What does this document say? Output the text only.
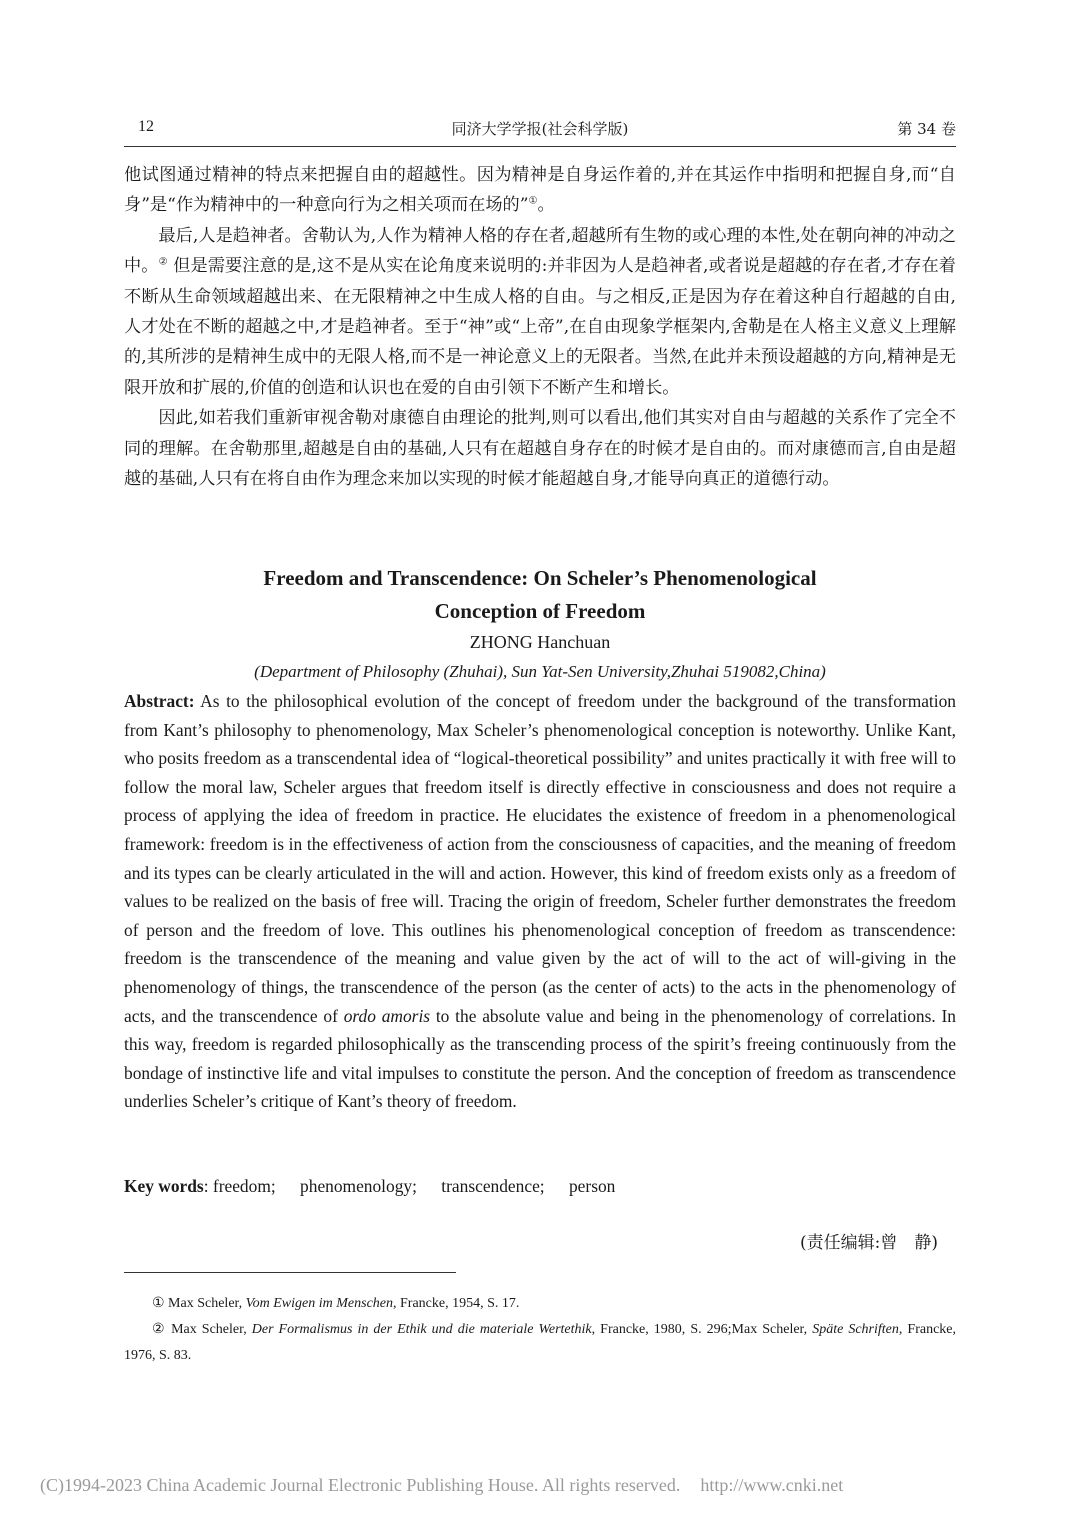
12	同济大学学报(社会科学版)	第 34 卷

他试图通过精神的特点来把握自由的超越性。因为精神是自身运作着的,并在其运作中指明和把握自身,而“自身”是“作为精神中的一种意向行为之相关项而在场的”①。

最后,人是趋神者。舍勒认为,人作为精神人格的存在者,超越所有生物的或心理的本性,处在朝向神的冲动之中。② 但是需要注意的是,这不是从实在论角度来说明的:并非因为人是趋神者,或者说是超越的存在者,才存在着不断从生命领域超越出来、在无限精神之中生成人格的自由。与之相反,正是因为存在着这种自行超越的自由,人才处在不断的超越之中,才是趋神者。至于“神”或“上帝”,在自由现象学框架内,舍勒是在人格主义意义上理解的,其所涉的是精神生成中的无限人格,而不是一神论意义上的无限者。当然,在此并未预设超越的方向,精神是无限开放和扩展的,价值的创造和认识也在爱的自由引领下不断产生和增长。

因此,如若我们重新审视舍勒对康德自由理论的批判,则可以看出,他们其实对自由与超越的关系作了完全不同的理解。在舍勒那里,超越是自由的基础,人只有在超越自身存在的时候才是自由的。而对康德而言,自由是超越的基础,人只有在将自由作为理念来加以实现的时候才能超越自身,才能导向真正的道德行动。

Freedom and Transcendence: On Scheler’s Phenomenological
Conception of Freedom
ZHONG Hanchuan
(Department of Philosophy (Zhuhai), Sun Yat-Sen University,Zhuhai 519082,China)

Abstract: As to the philosophical evolution of the concept of freedom under the background of the transformation from Kant’s philosophy to phenomenology, Max Scheler’s phenomenological conception is noteworthy. Unlike Kant, who posits freedom as a transcendental idea of “logical-theoretical possibility” and unites practically it with free will to follow the moral law, Scheler argues that freedom itself is directly effective in consciousness and does not require a process of applying the idea of freedom in practice. He elucidates the existence of freedom in a phenomenological framework: freedom is in the effectiveness of action from the consciousness of capacities, and the meaning of freedom and its types can be clearly articulated in the will and action. However, this kind of freedom exists only as a freedom of values to be realized on the basis of free will. Tracing the origin of freedom, Scheler further demonstrates the freedom of person and the freedom of love. This outlines his phenomenological conception of freedom as transcendence: freedom is the transcendence of the meaning and value given by the act of will to the act of will-giving in the phenomenology of things, the transcendence of the person (as the center of acts) to the acts in the phenomenology of acts, and the transcendence of ordo amoris to the absolute value and being in the phenomenology of correlations. In this way, freedom is regarded philosophically as the transcending process of the spirit’s freeing continuously from the bondage of instinctive life and vital impulses to constitute the person. And the conception of freedom as transcendence underlies Scheler’s critique of Kant’s theory of freedom.

Key words: freedom; phenomenology; transcendence; person
(责任编辑:曾　静)

① Max Scheler, Vom Ewigen im Menschen, Francke, 1954, S. 17.

② Max Scheler, Der Formalismus in der Ethik und die materiale Wertethik, Francke, 1980, S. 296;Max Scheler, Späte Schriften, Francke, 1976, S. 83.

(C)1994-2023 China Academic Journal Electronic Publishing House. All rights reserved. http://www.cnki.net
